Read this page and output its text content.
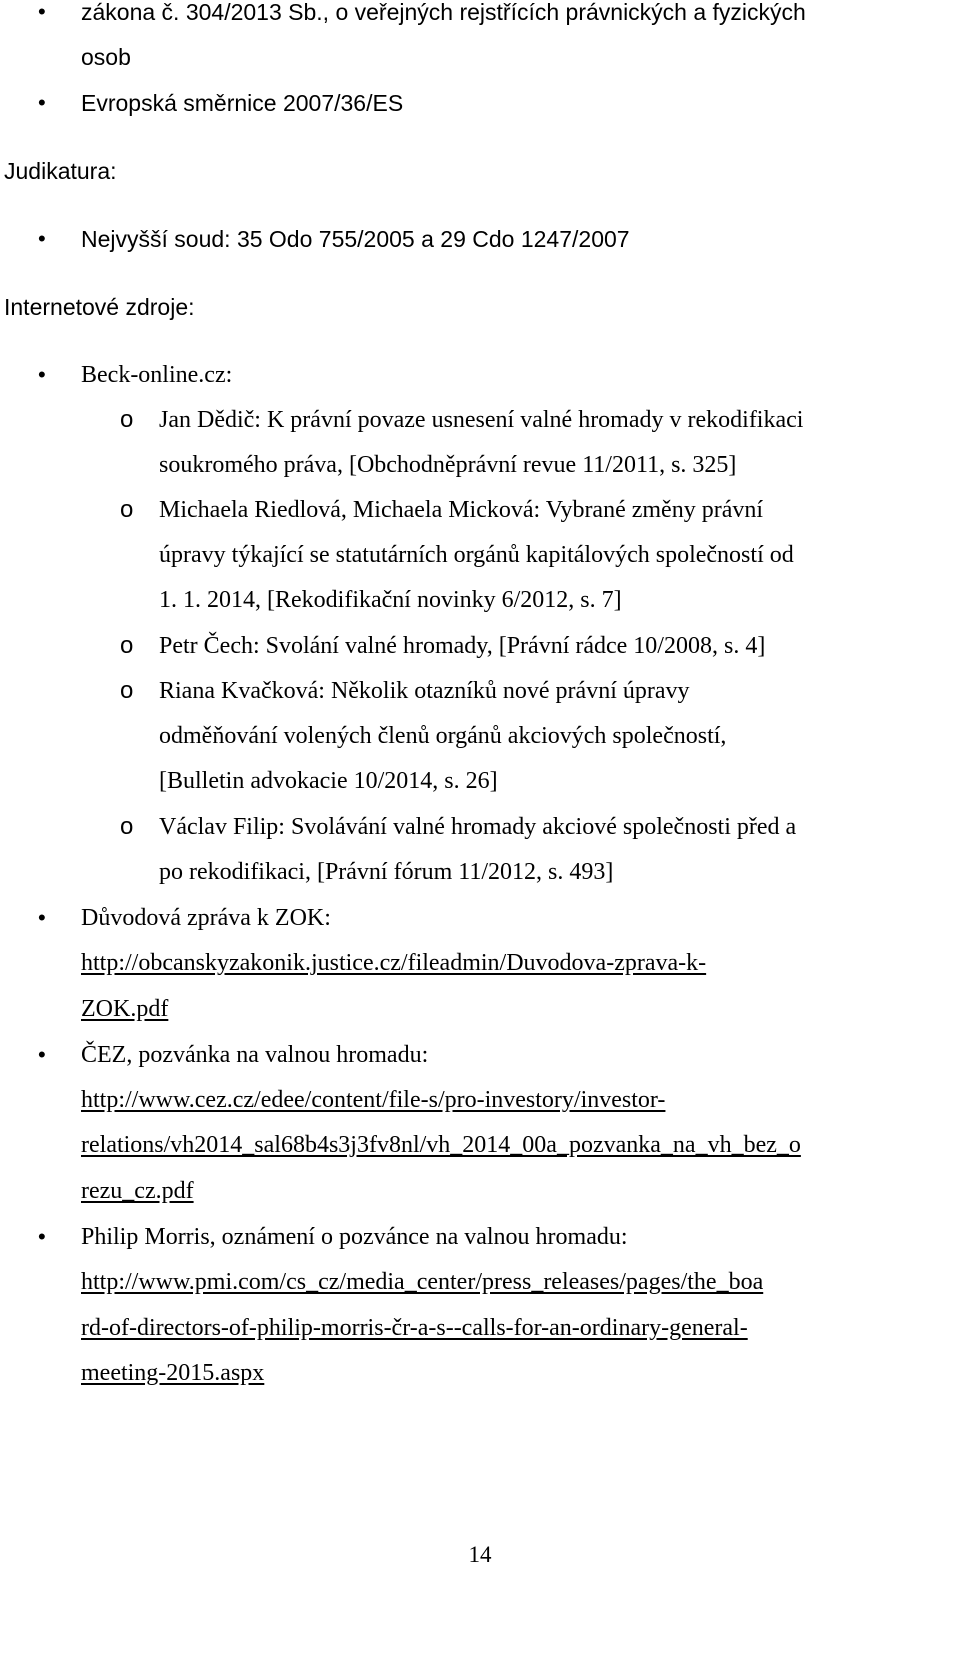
• zákona č. 304/2013 Sb., o veřejných rejstřících právnických a fyzických
osob
• Evropská směrnice 2007/36/ES
Judikatura:
• Nejvyšší soud: 35 Odo 755/2005 a 29 Cdo 1247/2007
Internetové zdroje:
• Beck-online.cz:
o Jan Dědič: K právní povaze usnesení valné hromady v rekodifikaci
soukromého práva, [Obchodněprávní revue 11/2011, s. 325]
o Michaela Riedlová, Michaela Micková: Vybrané změny právní
úpravy týkající se statutárních orgánů kapitálových společností od
1. 1. 2014, [Rekodifikační novinky 6/2012, s. 7]
o Petr Čech: Svolání valné hromady, [Právní rádce 10/2008, s. 4]
o Riana Kvačková: Několik otazníků nové právní úpravy
odměňování volených členů orgánů akciových společností,
[Bulletin advokacie 10/2014, s. 26]
o Václav Filip: Svolávání valné hromady akciové společnosti před a
po rekodifikaci, [Právní fórum 11/2012, s. 493]
• Důvodová zpráva k ZOK:
http://obcanskyzakonik.justice.cz/fileadmin/Duvodova-zprava-k-
ZOK.pdf
• ČEZ, pozvánka na valnou hromadu:
http://www.cez.cz/edee/content/file-s/pro-investory/investor-
relations/vh2014_sal68b4s3j3fv8nl/vh_2014_00a_pozvanka_na_vh_bez_o
rezu_cz.pdf
• Philip Morris, oznámení o pozvánce na valnou hromadu:
http://www.pmi.com/cs_cz/media_center/press_releases/pages/the_boa
rd-of-directors-of-philip-morris-čr-a-s--calls-for-an-ordinary-general-
meeting-2015.aspx
14
